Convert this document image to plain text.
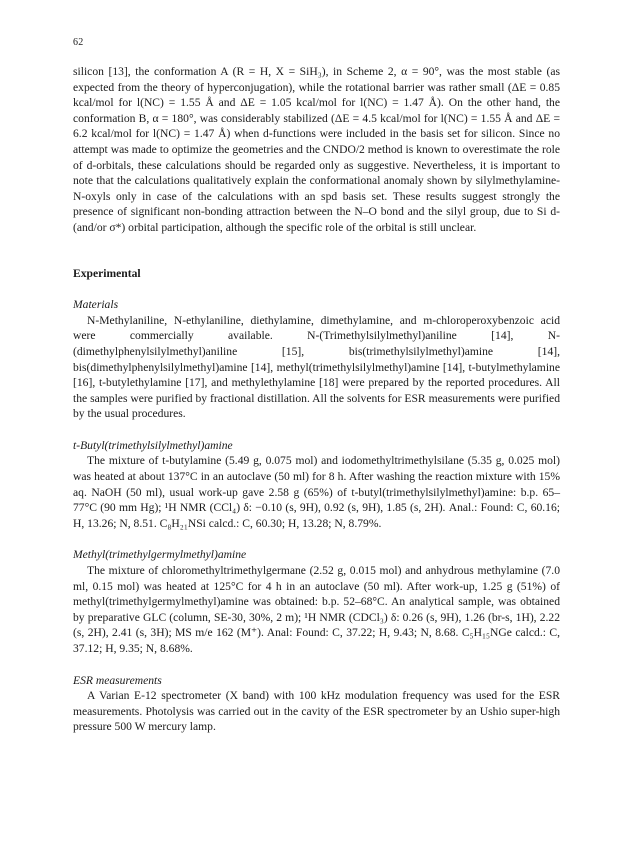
62

silicon [13], the conformation A (R = H, X = SiH₃), in Scheme 2, α = 90°, was the most stable (as expected from the theory of hyperconjugation), while the rotational barrier was rather small (ΔE = 0.85 kcal/mol for l(NC) = 1.55 Å and ΔE = 1.05 kcal/mol for l(NC) = 1.47 Å). On the other hand, the conformation B, α = 180°, was considerably stabilized (ΔE = 4.5 kcal/mol for l(NC) = 1.55 Å and ΔE = 6.2 kcal/mol for l(NC) = 1.47 Å) when d-functions were included in the basis set for silicon. Since no attempt was made to optimize the geometries and the CNDO/2 method is known to overestimate the role of d-orbitals, these calculations should be regarded only as suggestive. Nevertheless, it is important to note that the calculations qualitatively explain the conformational anomaly shown by silylmethylamine-N-oxyls only in case of the calculations with an spd basis set. These results suggest strongly the presence of significant non-bonding attraction between the N–O bond and the silyl group, due to Si d- (and/or σ*) orbital participation, although the specific role of the orbital is still unclear.

Experimental
Materials

N-Methylaniline, N-ethylaniline, diethylamine, dimethylamine, and m-chloroperoxybenzoic acid were commercially available. N-(Trimethylsilylmethyl)aniline [14], N-(dimethylphenylsilylmethyl)aniline [15], bis(trimethylsilylmethyl)amine [14], bis(dimethylphenylsilylmethyl)amine [14], methyl(trimethylsilylmethyl)amine [14], t-butylmethylamine [16], t-butylethylamine [17], and methylethylamine [18] were prepared by the reported procedures. All the samples were purified by fractional distillation. All the solvents for ESR measurements were purified by the usual procedures.

t-Butyl(trimethylsilylmethyl)amine

The mixture of t-butylamine (5.49 g, 0.075 mol) and iodomethyltrimethylsilane (5.35 g, 0.025 mol) was heated at about 137°C in an autoclave (50 ml) for 8 h. After washing the reaction mixture with 15% aq. NaOH (50 ml), usual work-up gave 2.58 g (65%) of t-butyl(trimethylsilylmethyl)amine: b.p. 65–77°C (90 mm Hg); ¹H NMR (CCl₄) δ: −0.10 (s, 9H), 0.92 (s, 9H), 1.85 (s, 2H). Anal.: Found: C, 60.16; H, 13.26; N, 8.51. C₈H₂₁NSi calcd.: C, 60.30; H, 13.28; N, 8.79%.

Methyl(trimethylgermylmethyl)amine

The mixture of chloromethyltrimethylgermane (2.52 g, 0.015 mol) and anhydrous methylamine (7.0 ml, 0.15 mol) was heated at 125°C for 4 h in an autoclave (50 ml). After work-up, 1.25 g (51%) of methyl(trimethylgermylmethyl)amine was obtained: b.p. 52–68°C. An analytical sample, was obtained by preparative GLC (column, SE-30, 30%, 2 m); ¹H NMR (CDCl₃) δ: 0.26 (s, 9H), 1.26 (br-s, 1H), 2.22 (s, 2H), 2.41 (s, 3H); MS m/e 162 (M⁺). Anal: Found: C, 37.22; H, 9.43; N, 8.68. C₅H₁₅NGe calcd.: C, 37.12; H, 9.35; N, 8.68%.

ESR measurements

A Varian E-12 spectrometer (X band) with 100 kHz modulation frequency was used for the ESR measurements. Photolysis was carried out in the cavity of the ESR spectrometer by an Ushio super-high pressure 500 W mercury lamp.
